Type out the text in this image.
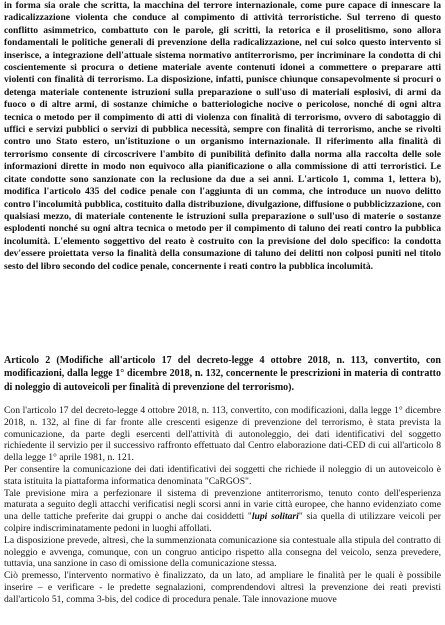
in forma sia orale che scritta, la macchina del terrore internazionale, come pure capace di innescare la radicalizzazione violenta che conduce al compimento di attività terroristiche. Sul terreno di questo conflitto asimmetrico, combattuto con le parole, gli scritti, la retorica e il proselitismo, sono allora fondamentali le politiche generali di prevenzione della radicalizzazione, nel cui solco questo intervento si inserisce, a integrazione dell'attuale sistema normativo antiterrorismo, per incriminare la condotta di chi coscientemente si procura o detiene materiale avente contenuti idonei a commettere o preparare atti violenti con finalità di terrorismo. La disposizione, infatti, punisce chiunque consapevolmente si procuri o detenga materiale contenente istruzioni sulla preparazione o sull'uso di materiali esplosivi, di armi da fuoco o di altre armi, di sostanze chimiche o batteriologiche nocive o pericolose, nonché di ogni altra tecnica o metodo per il compimento di atti di violenza con finalità di terrorismo, ovvero di sabotaggio di uffici e servizi pubblici o servizi di pubblica necessità, sempre con finalità di terrorismo, anche se rivolti contro uno Stato estero, un'istituzione o un organismo internazionale. Il riferimento alla finalità di terrorismo consente di circoscrivere l'ambito di punibilità definito dalla norma alla raccolta delle sole informazioni dirette in modo non equivoco alla pianificazione o alla commissione di atti terroristici. Le citate condotte sono sanzionate con la reclusione da due a sei anni. L'articolo 1, comma 1, lettera b), modifica l'articolo 435 del codice penale con l'aggiunta di un comma, che introduce un nuovo delitto contro l'incolumità pubblica, costituito dalla distribuzione, divulgazione, diffusione o pubblicizzazione, con qualsiasi mezzo, di materiale contenente le istruzioni sulla preparazione o sull'uso di materie o sostanze esplodenti nonché su ogni altra tecnica o metodo per il compimento di taluno dei reati contro la pubblica incolumità. L'elemento soggettivo del reato è costruito con la previsione del dolo specifico: la condotta dev'essere proiettata verso la finalità della consumazione di taluno dei delitti non colposi puniti nel titolo sesto del libro secondo del codice penale, concernente i reati contro la pubblica incolumità.

Articolo 2 (Modifiche all'articolo 17 del decreto-legge 4 ottobre 2018, n. 113, convertito, con modificazioni, dalla legge 1° dicembre 2018, n. 132, concernente le prescrizioni in materia di contratto di noleggio di autoveicoli per finalità di prevenzione del terrorismo).

Con l'articolo 17 del decreto-legge 4 ottobre 2018, n. 113, convertito, con modificazioni, dalla legge 1° dicembre 2018, n. 132, al fine di far fronte alle crescenti esigenze di prevenzione del terrorismo, è stata prevista la comunicazione, da parte degli esercenti dell'attività di autonoleggio, dei dati identificativi del soggetto richiedente il servizio per il successivo raffronto effettuato dal Centro elaborazione dati-CED di cui all'articolo 8 della legge 1° aprile 1981, n. 121.

Per consentire la comunicazione dei dati identificativi dei soggetti che richiede il noleggio di un autoveicolo è stata istituita la piattaforma informatica denominata "CaRGOS".

Tale previsione mira a perfezionare il sistema di prevenzione antiterrorismo, tenuto conto dell'esperienza maturata a seguito degli attacchi verificatisi negli scorsi anni in varie città europee, che hanno evidenziato come una delle tattiche preferite dai gruppi o anche dai cosiddetti "lupi solitari" sia quella di utilizzare veicoli per colpire indiscriminatamente pedoni in luoghi affollati.

La disposizione prevede, altresì, che la summenzionata comunicazione sia contestuale alla stipula del contratto di noleggio e avvenga, comunque, con un congruo anticipo rispetto alla consegna del veicolo, senza prevedere, tuttavia, una sanzione in caso di omissione della comunicazione stessa.

Ciò premesso, l'intervento normativo è finalizzato, da un lato, ad ampliare le finalità per le quali è possibile inserire – e verificare - le predette segnalazioni, comprendendovi altresì la prevenzione dei reati previsti dall'articolo 51, comma 3-bis, del codice di procedura penale. Tale innovazione muove
